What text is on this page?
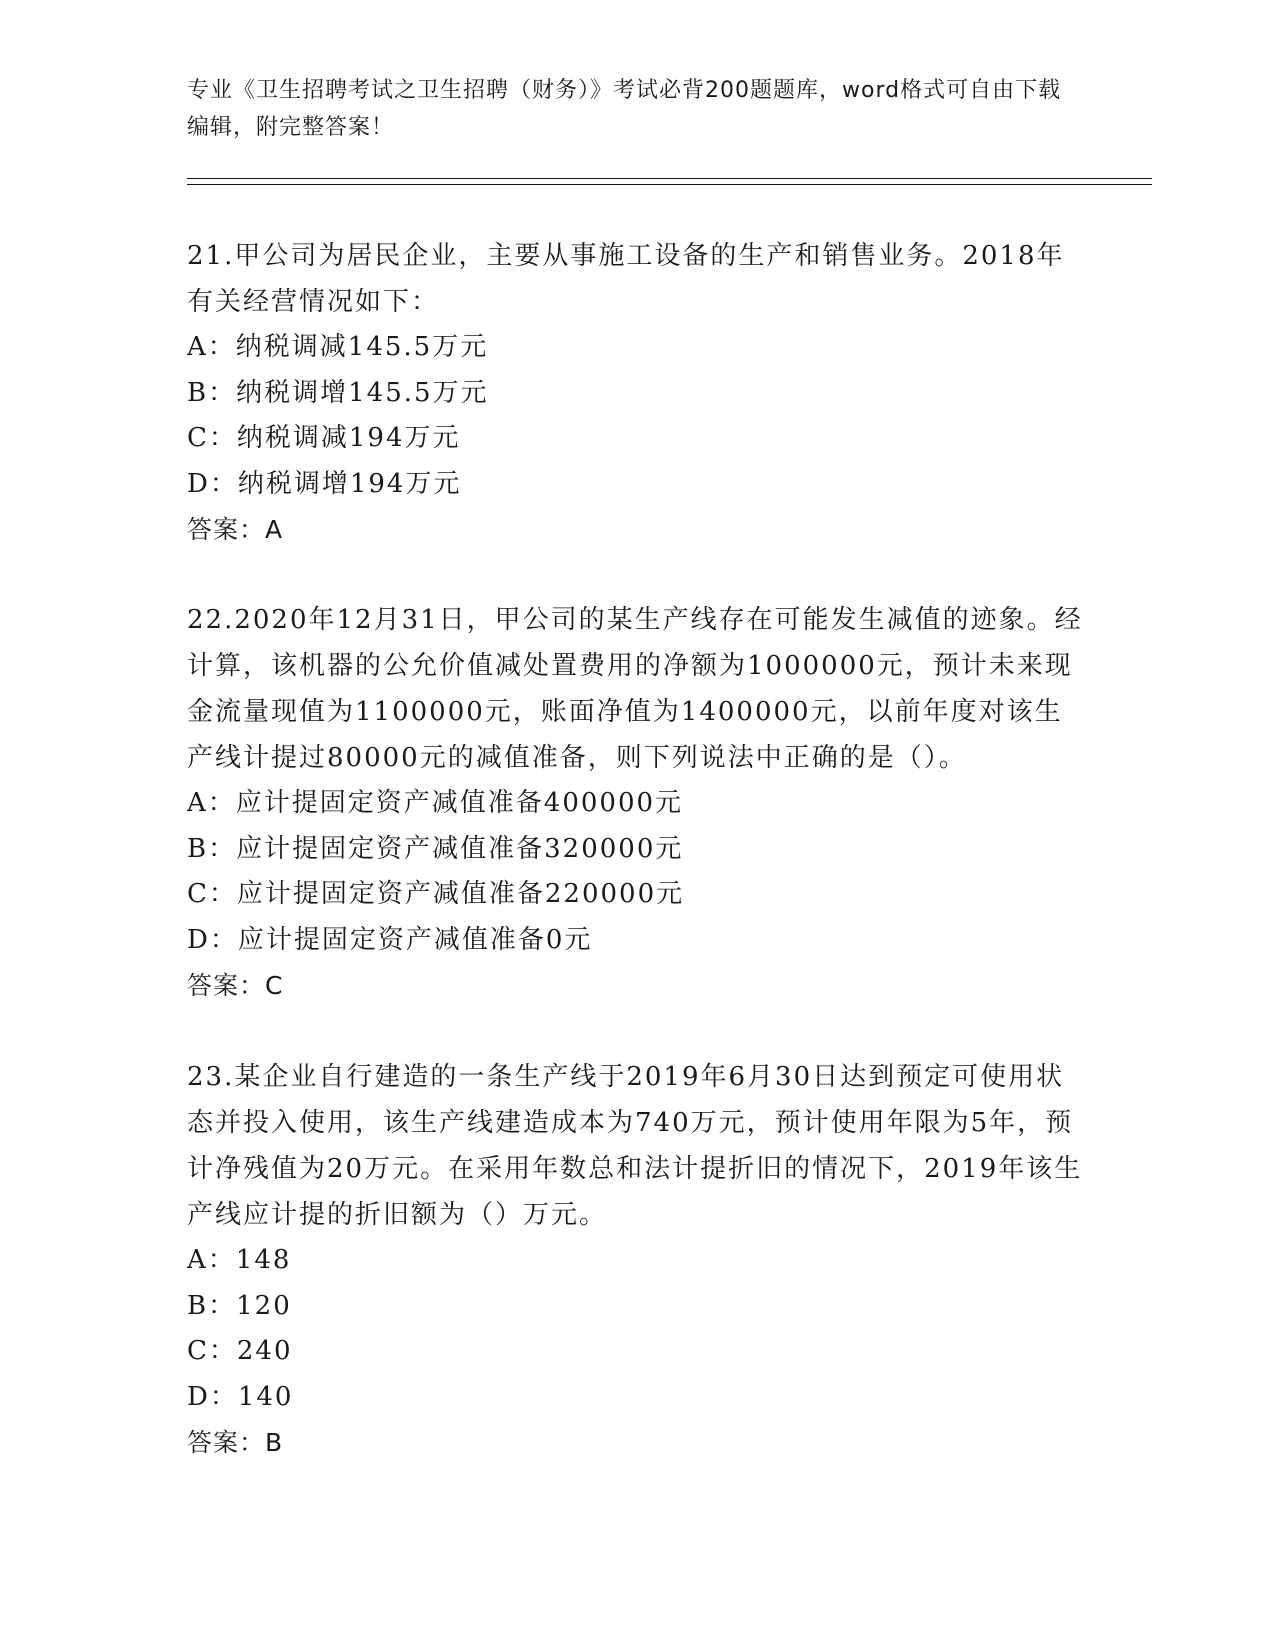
专业《卫生招聘考试之卫生招聘（财务）》考试必背200题题库，word格式可自由下载编辑，附完整答案！

21.甲公司为居民企业，主要从事施工设备的生产和销售业务。2018年有关经营情况如下：

A：纳税调减145.5万元

B：纳税调增145.5万元

C：纳税调减194万元

D：纳税调增194万元

答案：A

22.2020年12月31日，甲公司的某生产线存在可能发生减值的迹象。经计算，该机器的公允价值减处置费用的净额为1000000元，预计未来现金流量现值为1100000元，账面净值为1400000元，以前年度对该生产线计提过80000元的减值准备，则下列说法中正确的是（）。

A：应计提固定资产减值准备400000元

B：应计提固定资产减值准备320000元

C：应计提固定资产减值准备220000元

D：应计提固定资产减值准备0元

答案：C

23.某企业自行建造的一条生产线于2019年6月30日达到预定可使用状态并投入使用，该生产线建造成本为740万元，预计使用年限为5年，预计净残值为20万元。在采用年数总和法计提折旧的情况下，2019年该生产线应计提的折旧额为（）万元。

A：148

B：120

C：240

D：140

答案：B
